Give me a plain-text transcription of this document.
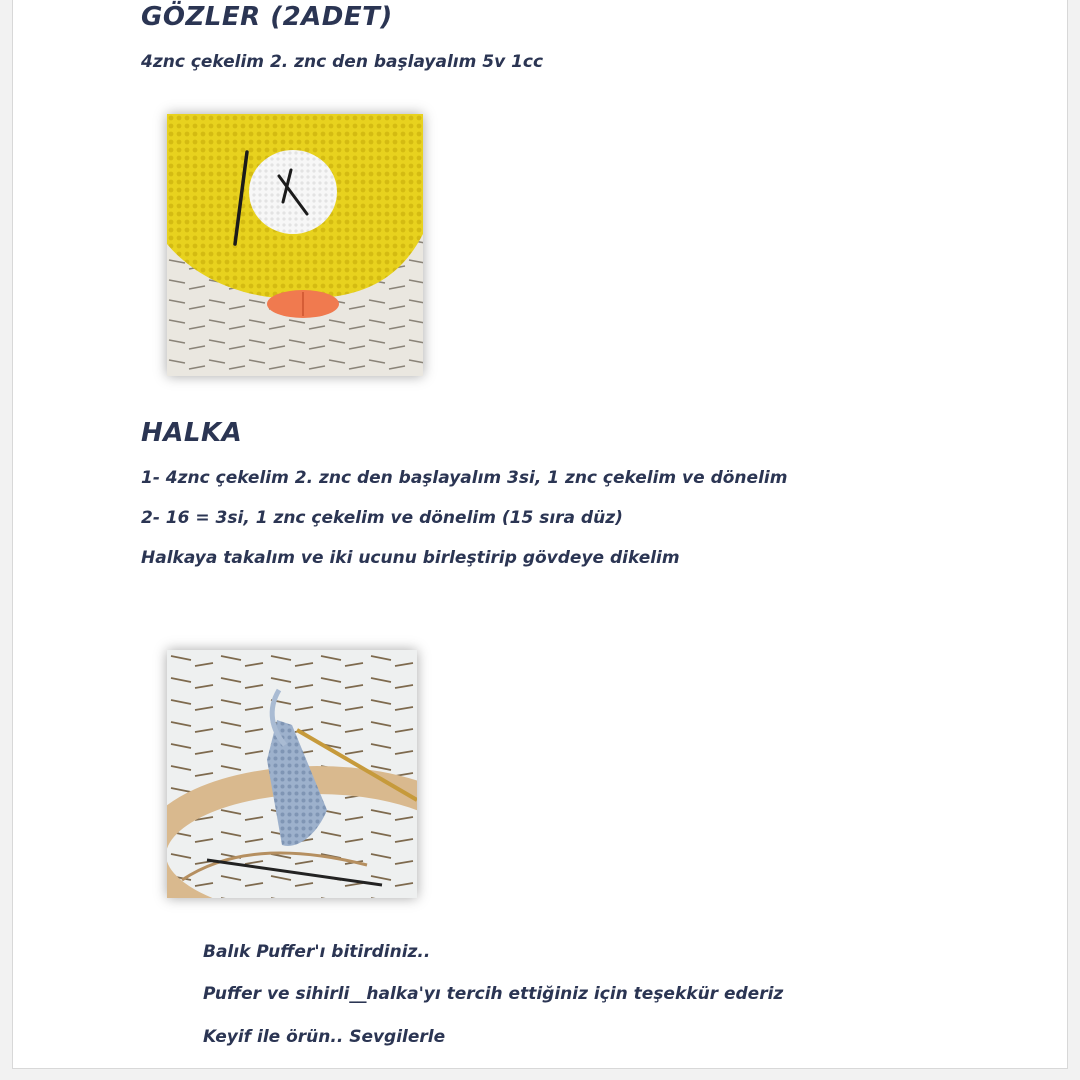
GÖZLER (2ADET)

4znc çekelim 2. znc den başlayalım 5v 1cc

HALKA

1- 4znc çekelim 2. znc den başlayalım 3si, 1 znc çekelim ve dönelim

2- 16 = 3si, 1 znc çekelim ve dönelim (15 sıra düz)

Halkaya takalım ve iki ucunu birleştirip gövdeye dikelim

Balık Puffer'ı bitirdiniz..

Puffer ve sihirli__halka'yı tercih ettiğiniz için teşekkür ederiz

Keyif ile örün.. Sevgilerle
